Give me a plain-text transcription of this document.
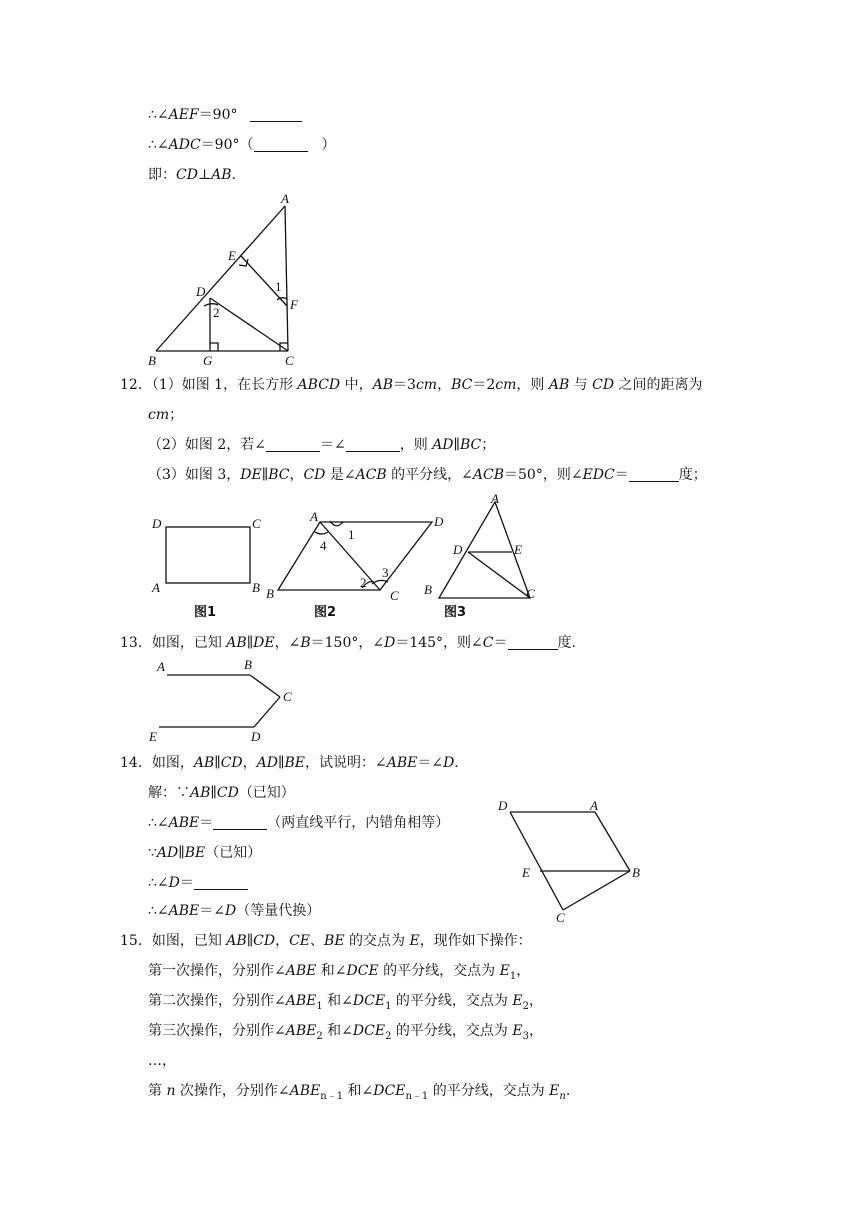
∴∠AEF＝90°
∴∠ADC＝90°（	）
即：CD⊥AB.
A
E
D
F
B	G	C
1
2
12．（1）如图 1，在长方形 ABCD 中，AB＝3cm，BC＝2cm，则 AB 与 CD 之间的距离为
cm；
（2）如图 2，若∠	＝∠	，则 AD∥BC；
（3）如图 3，DE∥BC，CD 是∠ACB 的平分线，∠ACB＝50°，则∠EDC＝	度；
D	C
A	B
图1
A	D
B	C
1
2
3
4
图2
A
D	E
B	C
图3
13．如图，已知 AB∥DE，∠B＝150°，∠D＝145°，则∠C＝	度.
A	B
C
E	D
14．如图，AB∥CD，AD∥BE，试说明：∠ABE＝∠D.
解：∵AB∥CD（已知）
∴∠ABE＝	（两直线平行，内错角相等）
∵AD∥BE（已知）
∴∠D＝
∴∠ABE＝∠D（等量代换）
D	A
E	B
C
15．如图，已知 AB∥CD，CE、BE 的交点为 E，现作如下操作：
第一次操作，分别作∠ABE 和∠DCE 的平分线，交点为 $E_1$，
第二次操作，分别作$\angle ABE_1$ 和$\angle DCE_1$ 的平分线，交点为 $E_2$，
第三次操作，分别作$\angle ABE_2$ 和$\angle DCE_2$ 的平分线，交点为 $E_3$，
…，
第 n 次操作，分别作$\angle ABE_{n﹣1}$ 和$\angle DCE_{n﹣1}$ 的平分线，交点为 $E_n$.
